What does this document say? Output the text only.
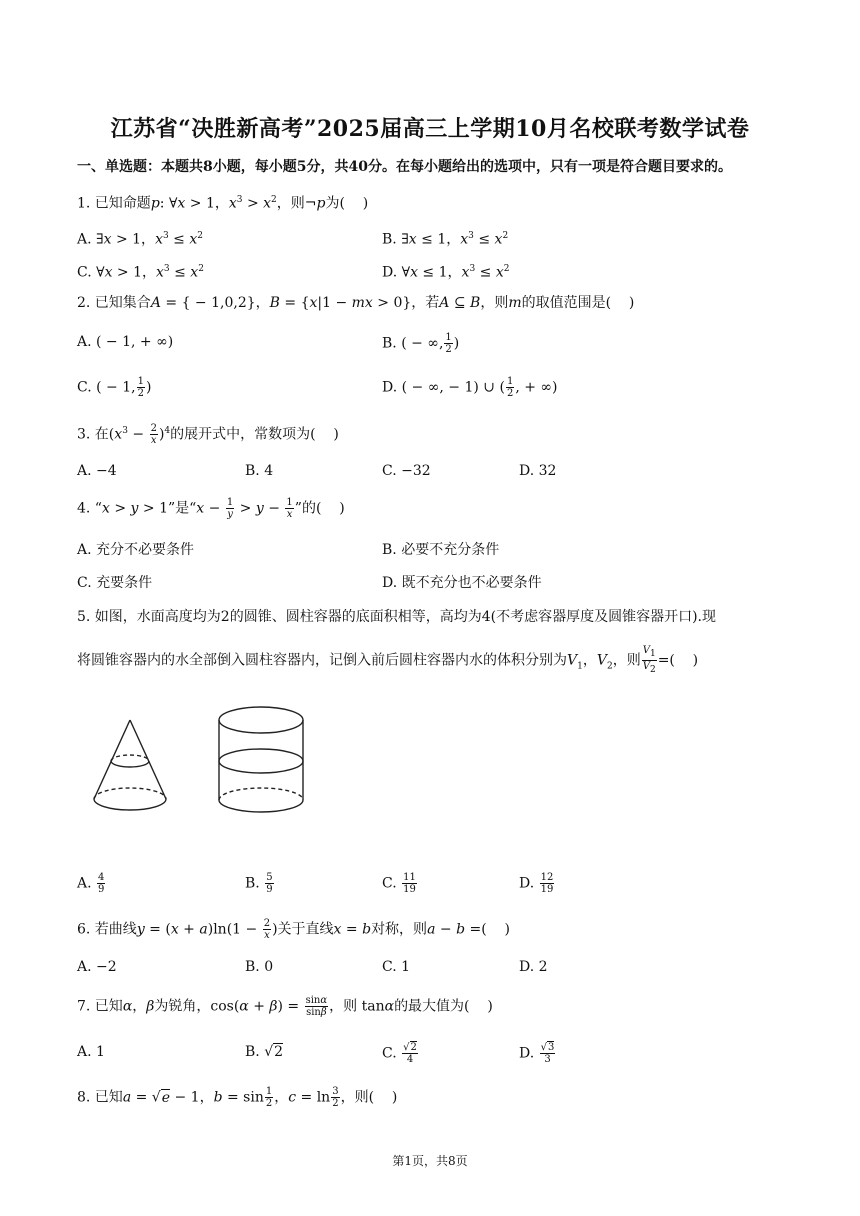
江苏省“决胜新高考”2025届高三上学期10月名校联考数学试卷
一、单选题：本题共8小题，每小题5分，共40分。在每小题给出的选项中，只有一项是符合题目要求的。
1. 已知命题p: ∀x > 1，$x^3 > x^2$，则¬p为(    )
A. ∃x > 1，$x^3 \le x^2$	B. ∃x ≤ 1，$x^3 \le x^2$
C. ∀x > 1，$x^3 \le x^2$	D. ∀x ≤ 1，$x^3 \le x^2$
2. 已知集合A = { − 1,0,2}，B = {x|1 − mx > 0}，若A ⊆ B，则m的取值范围是(    )
A. ( − 1, + ∞)	B. ( − ∞, $\frac{1}{2}$ )
C. ( − 1, $\frac{1}{2}$ )	D. ( − ∞, − 1) ∪ ( $\frac{1}{2}$ , + ∞)
3. 在$(x^3 - \frac{2}{x} )^4$的展开式中，常数项为(    )
A. −4	B. 4	C. −32	D. 32
4. “x > y > 1”是“$x - \frac{1}{y} > y - \frac{1}{x}$ ”的(    )
A. 充分不必要条件	B. 必要不充分条件
C. 充要条件	D. 既不充分也不必要条件
5. 如图，水面高度均为2的圆锥、圆柱容器的底面积相等，高均为4(不考虑容器厚度及圆锥容器开口).现
将圆锥容器内的水全部倒入圆柱容器内，记倒入前后圆柱容器内水的体积分别为$V_1$，$V_2$，则 $\frac{V_1}{V_2}$ =(    )
A. $\frac{4}{9}$	B. $\frac{5}{9}$	C. $\frac{11}{19}$	D. $\frac{12}{19}$
6. 若曲线$y = (x + a)\ln(1 - \frac{2}{x}$ )关于直线x = b对称，则a − b =(    )
A. −2	B. 0	C. 1	D. 2
7. 已知α，β为锐角，$\cos(\alpha + \beta) = \frac{\sin\alpha}{\sin\beta}$ ，则 tanα的最大值为(    )
A. 1	B. √2	C. $\frac{√2}{4}$	D. $\frac{√3}{3}$
8. 已知a = √e − 1，$b = \sin \frac{1}{2}$ ，$c = \ln \frac{3}{2}$ ，则(    )
第1页，共8页
